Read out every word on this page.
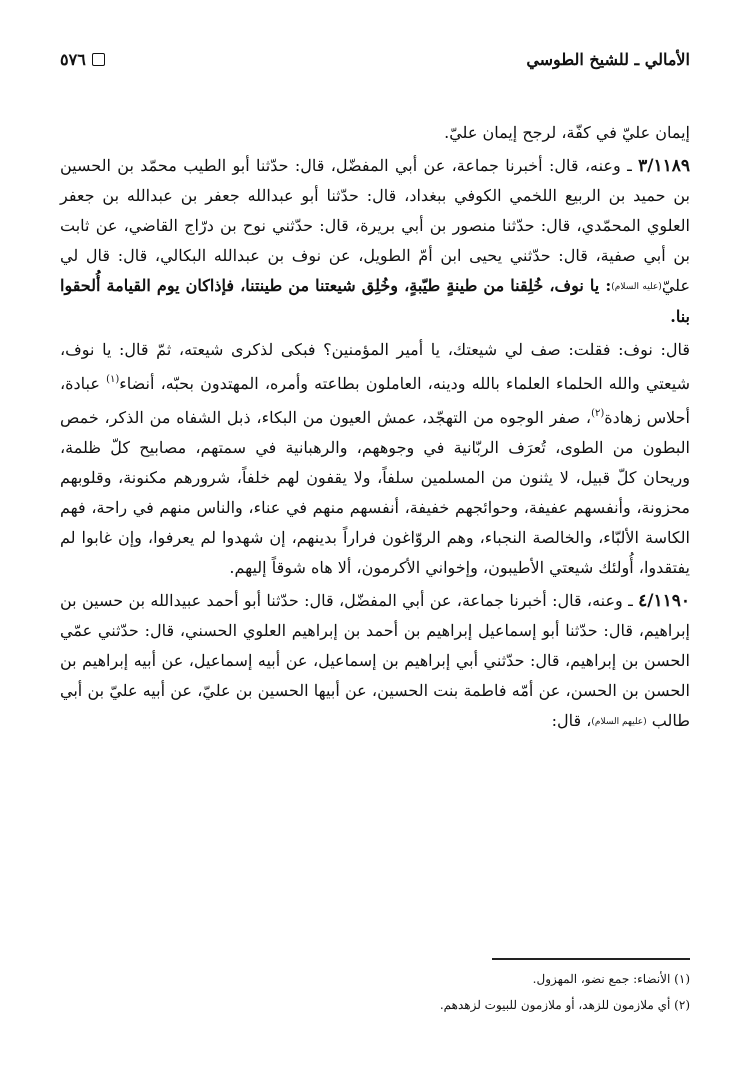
الأمالي ـ للشيخ الطوسي
٥٧٦

إيمان عليّ في كفّة، لرجح إيمان عليّ.

٣/١١٨٩ ـ وعنه، قال: أخبرنا جماعة، عن أبي المفضّل، قال: حدّثنا أبو الطيب محمّد بن الحسين بن حميد بن الربيع اللخمي الكوفي ببغداد، قال: حدّثنا أبو عبدالله جعفر بن عبدالله بن جعفر العلوي المحمّدي، قال: حدّثنا منصور بن أبي بريرة، قال: حدّثني نوح بن درّاج القاضي، عن ثابت بن أبي صفية، قال: حدّثني يحيى ابن أمّ الطويل، عن نوف بن عبدالله البكالي، قال: قال لي عليّ(عليه السلام): يا نوف، خُلِقنا من طينةٍ طيّبةٍ، وخُلِق شيعتنا من طينتنا، فإذاكان يوم القيامة أُلحقوا بنا.

قال: نوف: فقلت: صف لي شيعتك، يا أمير المؤمنين؟ فبكى لذكرى شيعته، ثمّ قال: يا نوف، شيعتي والله الحلماء العلماء بالله ودينه، العاملون بطاعته وأمره، المهتدون بحبّه، أنضاء$^{(١)}$ عبادة، أحلاس زهادة$^{(٢)}$، صفر الوجوه من التهجّد، عمش العيون من البكاء، ذبل الشفاه من الذكر، خمص البطون من الطوى، تُعرَف الربّانية في وجوههم، والرهبانية في سمتهم، مصابيح كلّ ظلمة، وريحان كلّ قبيل، لا يثنون من المسلمين سلفاً، ولا يقفون لهم خلفاً، شرورهم مكنونة، وقلوبهم محزونة، وأنفسهم عفيفة، وحوائجهم خفيفة، أنفسهم منهم في عناء، والناس منهم في راحة، فهم الكاسة الألبّاء، والخالصة النجباء، وهم الروّاغون فراراً بدينهم، إن شهدوا لم يعرفوا، وإن غابوا لم يفتقدوا، أُولئك شيعتي الأطيبون، وإخواني الأكرمون، ألا هاه شوقاً إليهم.

٤/١١٩٠ ـ وعنه، قال: أخبرنا جماعة، عن أبي المفضّل، قال: حدّثنا أبو أحمد عبيدالله بن حسين بن إبراهيم، قال: حدّثنا أبو إسماعيل إبراهيم بن أحمد بن إبراهيم العلوي الحسني، قال: حدّثني عمّي الحسن بن إبراهيم، قال: حدّثني أبي إبراهيم بن إسماعيل، عن أبيه إسماعيل، عن أبيه إبراهيم بن الحسن بن الحسن، عن أمّه فاطمة بنت الحسين، عن أبيها الحسين بن عليّ، عن أبيه عليّ بن أبي طالب (عليهم السلام)، قال:

(١) الأنضاء: جمع نضو، المهزول.
(٢) أي ملازمون للزهد، أو ملازمون للبيوت لزهدهم.
